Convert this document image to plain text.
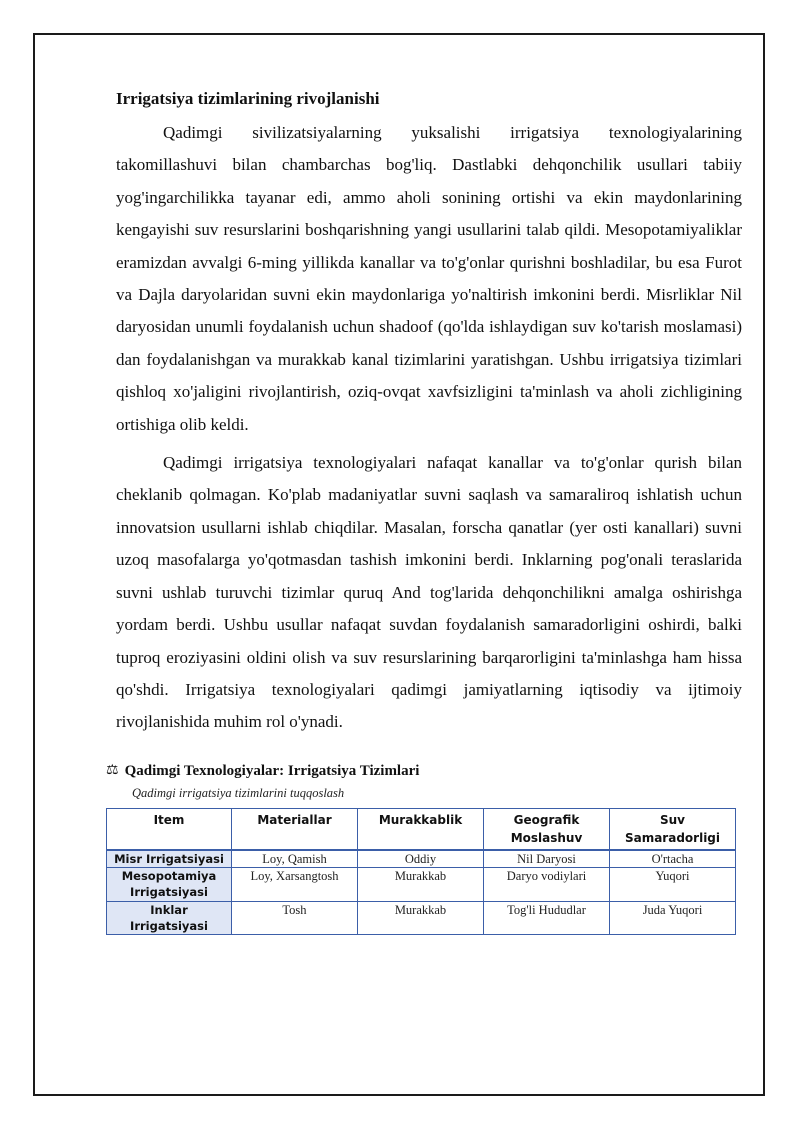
Irrigatsiya tizimlarining rivojlanishi

Qadimgi sivilizatsiyalarning yuksalishi irrigatsiya texnologiyalarining takomillashuvi bilan chambarchas bog'liq. Dastlabki dehqonchilik usullari tabiiy yog'ingarchilikka tayanar edi, ammo aholi sonining ortishi va ekin maydonlarining kengayishi suv resurslarini boshqarishning yangi usullarini talab qildi. Mesopotamiyaliklar eramizdan avvalgi 6-ming yillikda kanallar va to'g'onlar qurishni boshladilar, bu esa Furot va Dajla daryolaridan suvni ekin maydonlariga yo'naltirish imkonini berdi. Misrliklar Nil daryosidan unumli foydalanish uchun shadoof (qo'lda ishlaydigan suv ko'tarish moslamasi) dan foydalanishgan va murakkab kanal tizimlarini yaratishgan. Ushbu irrigatsiya tizimlari qishloq xo'jaligini rivojlantirish, oziq-ovqat xavfsizligini ta'minlash va aholi zichligining ortishiga olib keldi.

Qadimgi irrigatsiya texnologiyalari nafaqat kanallar va to'g'onlar qurish bilan cheklanib qolmagan. Ko'plab madaniyatlar suvni saqlash va samaraliroq ishlatish uchun innovatsion usullarni ishlab chiqdilar. Masalan, forscha qanatlar (yer osti kanallari) suvni uzoq masofalarga yo'qotmasdan tashish imkonini berdi. Inklarning pog'onali teraslarida suvni ushlab turuvchi tizimlar quruq And tog'larida dehqonchilikni amalga oshirishga yordam berdi. Ushbu usullar nafaqat suvdan foydalanish samaradorligini oshirdi, balki tuproq eroziyasini oldini olish va suv resurslarining barqarorligini ta'minlashga ham hissa qo'shdi. Irrigatsiya texnologiyalari qadimgi jamiyatlarning iqtisodiy va ijtimoiy rivojlanishida muhim rol o'ynadi.

⚖ Qadimgi Texnologiyalar: Irrigatsiya Tizimlari
Qadimgi irrigatsiya tizimlarini tuqqoslash
Item	Materiallar	Murakkablik	Geografik Moslashuv	Suv Samaradorligi
Misr Irrigatsiyasi	Loy, Qamish	Oddiy	Nil Daryosi	O'rtacha
Mesopotamiya Irrigatsiyasi	Loy, Xarsangtosh	Murakkab	Daryo vodiylari	Yuqori
Inklar Irrigatsiyasi	Tosh	Murakkab	Tog'li Hududlar	Juda Yuqori
